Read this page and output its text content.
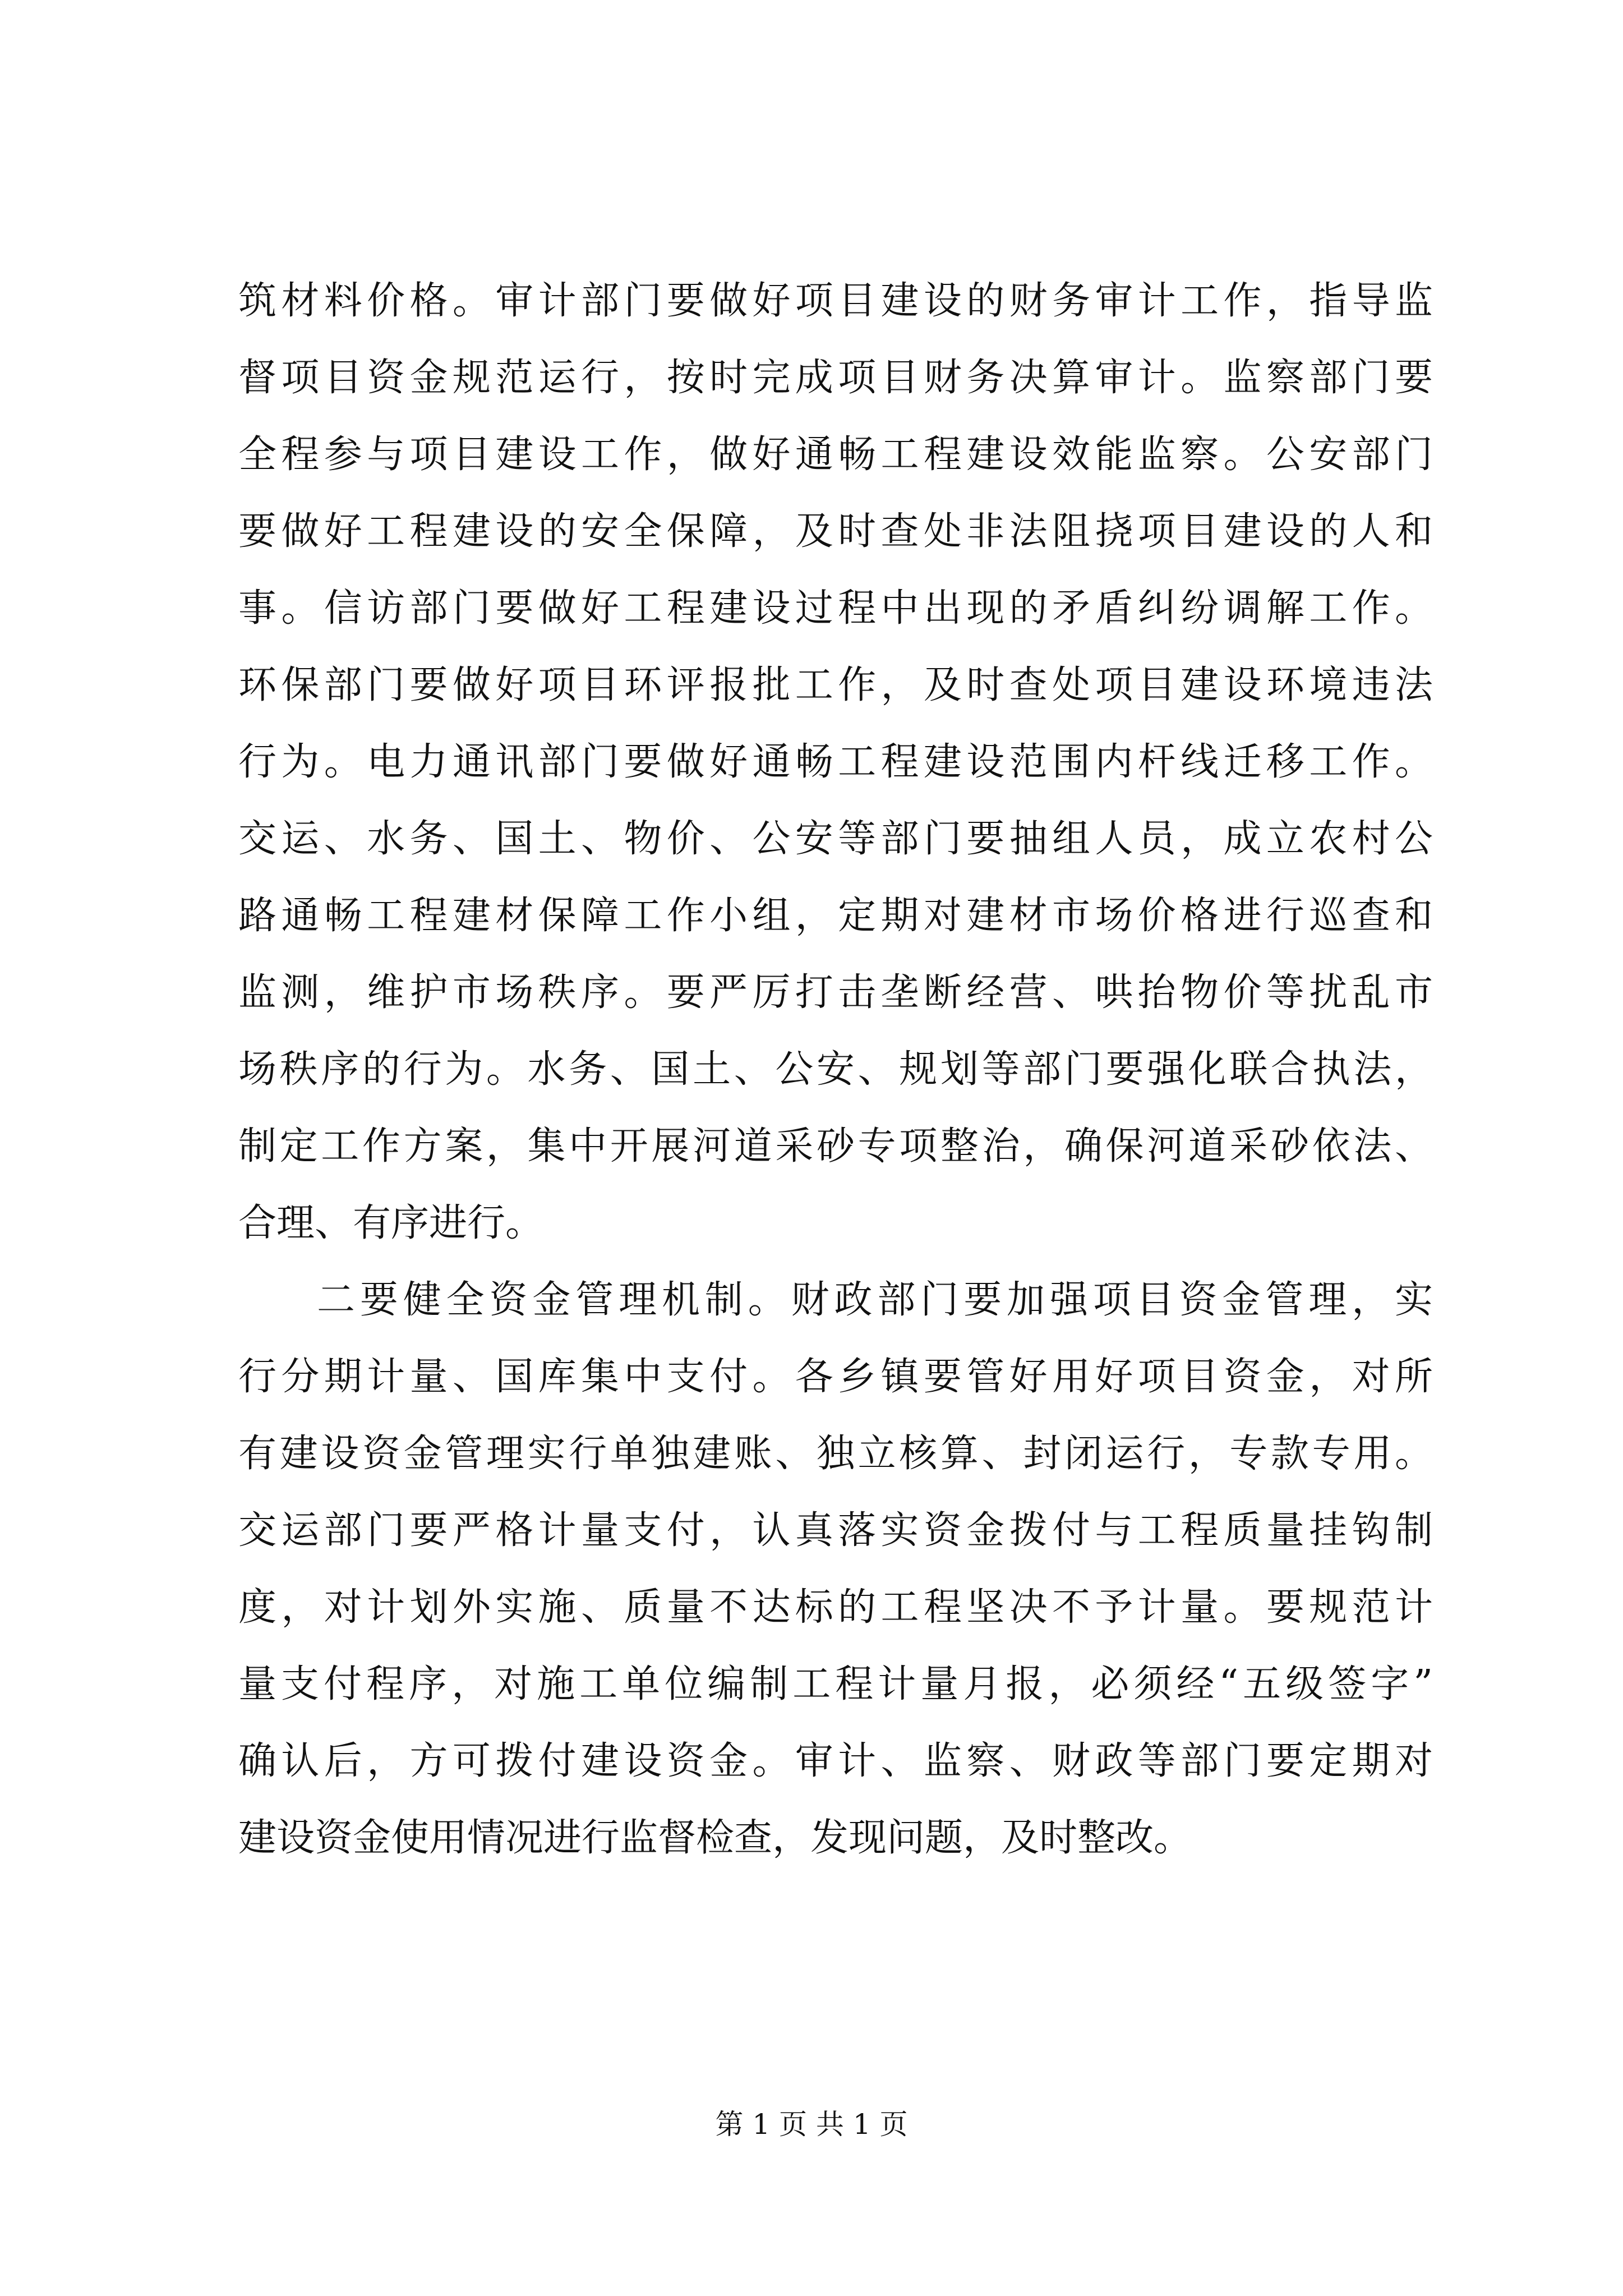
筑材料价格。审计部门要做好项目建设的财务审计工作，指导监
督项目资金规范运行，按时完成项目财务决算审计。监察部门要
全程参与项目建设工作，做好通畅工程建设效能监察。公安部门
要做好工程建设的安全保障，及时查处非法阻挠项目建设的人和
事。信访部门要做好工程建设过程中出现的矛盾纠纷调解工作。
环保部门要做好项目环评报批工作，及时查处项目建设环境违法
行为。电力通讯部门要做好通畅工程建设范围内杆线迁移工作。
交运、水务、国土、物价、公安等部门要抽组人员，成立农村公
路通畅工程建材保障工作小组，定期对建材市场价格进行巡查和
监测，维护市场秩序。要严厉打击垄断经营、哄抬物价等扰乱市
场秩序的行为。水务、国土、公安、规划等部门要强化联合执法，
制定工作方案，集中开展河道采砂专项整治，确保河道采砂依法、
合理、有序进行。
二要健全资金管理机制。财政部门要加强项目资金管理，实
行分期计量、国库集中支付。各乡镇要管好用好项目资金，对所
有建设资金管理实行单独建账、独立核算、封闭运行，专款专用。
交运部门要严格计量支付，认真落实资金拨付与工程质量挂钩制
度，对计划外实施、质量不达标的工程坚决不予计量。要规范计
量支付程序，对施工单位编制工程计量月报，必须经“五级签字”
确认后，方可拨付建设资金。审计、监察、财政等部门要定期对
建设资金使用情况进行监督检查，发现问题，及时整改。
第 1 页 共 1 页
